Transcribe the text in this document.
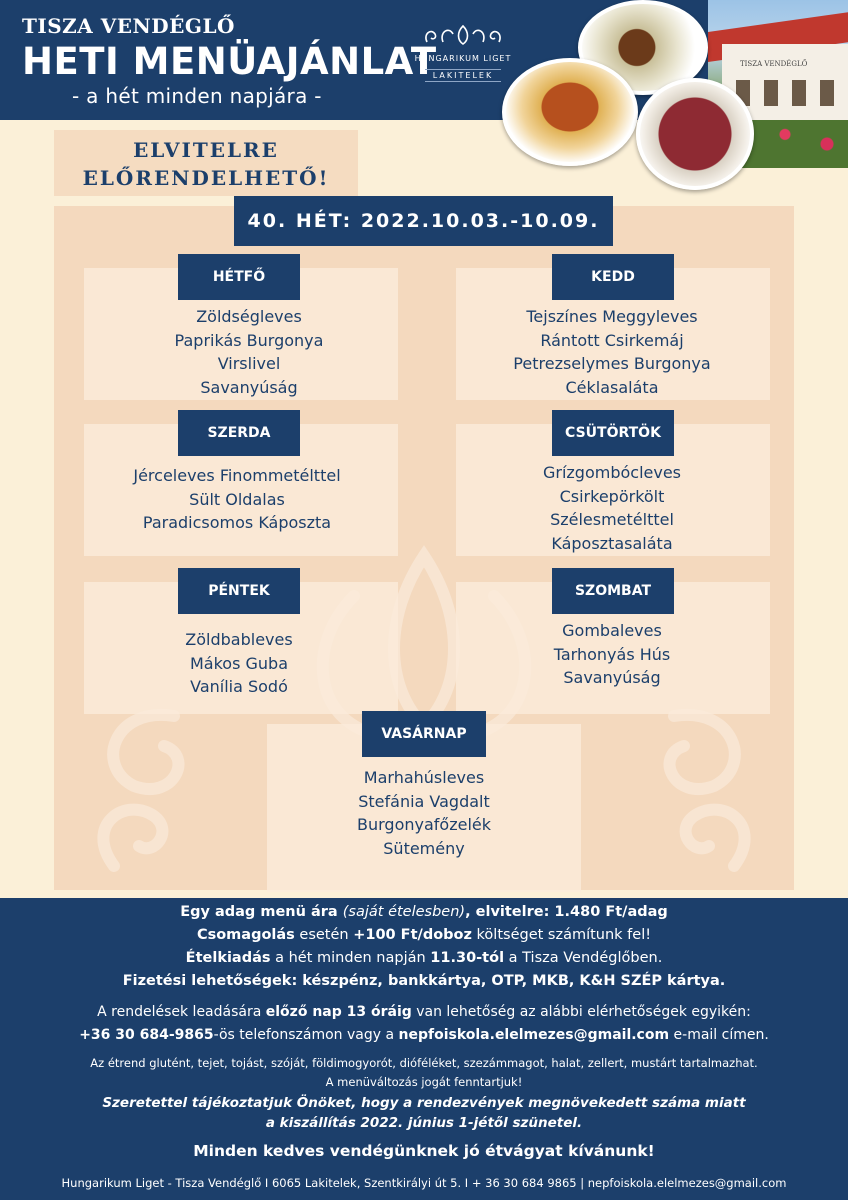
TISZA VENDÉGLŐ
HETI MENÜAJÁNLAT
- a hét minden napjára -
HUNGARIKUM LIGET
LAKITELEK
TISZA VENDÉGLŐ
ELVITELRE
ELŐRENDELHETŐ!
40. HÉT: 2022.10.03.-10.09.
HÉTFŐ
Zöldségleves
Paprikás Burgonya
Virslivel
Savanyúság
KEDD
Tejszínes Meggyleves
Rántott Csirkemáj
Petrezselymes Burgonya
Céklasaláta
SZERDA
Jérceleves Finommetélttel
Sült Oldalas
Paradicsomos Káposzta
CSÜTÖRTÖK
Grízgombócleves
Csirkepörkölt
Szélesmetélttel
Káposztasaláta
PÉNTEK
Zöldbableves
Mákos Guba
Vanília Sodó
SZOMBAT
Gombaleves
Tarhonyás Hús
Savanyúság
VASÁRNAP
Marhahúsleves
Stefánia Vagdalt
Burgonyafőzelék
Sütemény
Egy adag menü ára (saját ételesben), elvitelre: 1.480 Ft/adag
Csomagolás esetén +100 Ft/doboz költséget számítunk fel!
Ételkiadás a hét minden napján 11.30-tól a Tisza Vendéglőben.
Fizetési lehetőségek: készpénz, bankkártya, OTP, MKB, K&H SZÉP kártya.
A rendelések leadására előző nap 13 óráig van lehetőség az alábbi elérhetőségek egyikén:
+36 30 684-9865-ös telefonszámon vagy a nepfoiskola.elelmezes@gmail.com e-mail címen.
Az étrend glutént, tejet, tojást, szóját, földimogyorót, dióféléket, szezámmagot, halat, zellert, mustárt tartalmazhat.
A menüváltozás jogát fenntartjuk!
Szeretettel tájékoztatjuk Önöket, hogy a rendezvények megnövekedett száma miatt
a kiszállítás 2022. június 1-jétől szünetel.
Minden kedves vendégünknek jó étvágyat kívánunk!
Hungarikum Liget - Tisza Vendéglő I 6065 Lakitelek, Szentkirályi út 5. I + 36 30 684 9865 | nepfoiskola.elelmezes@gmail.com
